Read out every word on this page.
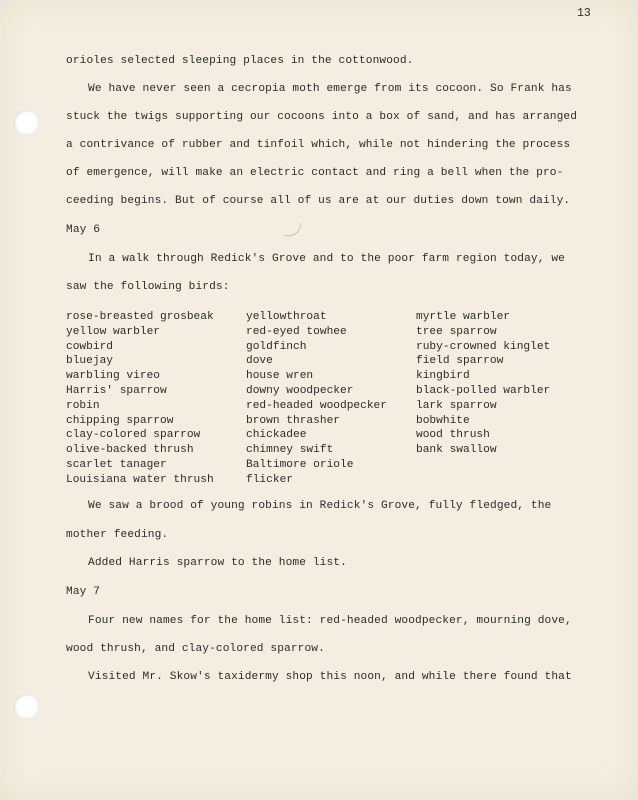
13
orioles selected sleeping places in the cottonwood.
We have never seen a cecropia moth emerge from its cocoon. So Frank has
stuck the twigs supporting our cocoons into a box of sand, and has arranged
a contrivance of rubber and tinfoil which, while not hindering the process
of emergence, will make an electric contact and ring a bell when the pro-
ceeding begins. But of course all of us are at our duties down town daily.
May 6
In a walk through Redick's Grove and to the poor farm region today, we
saw the following birds:
We saw a brood of young robins in Redick's Grove, fully fledged, the
mother feeding.
Added Harris sparrow to the home list.
May 7
Four new names for the home list: red-headed woodpecker, mourning dove,
wood thrush, and clay-colored sparrow.
Visited Mr. Skow's taxidermy shop this noon, and while there found that
rose-breasted grosbeak
yellow warbler
cowbird
bluejay
warbling vireo
Harris' sparrow
robin
chipping sparrow
clay-colored sparrow
olive-backed thrush
scarlet tanager
Louisiana water thrush
yellowthroat
red-eyed towhee
goldfinch
dove
house wren
downy woodpecker
red-headed woodpecker
brown thrasher
chickadee
chimney swift
Baltimore oriole
flicker
myrtle warbler
tree sparrow
ruby-crowned kinglet
field sparrow
kingbird
black-polled warbler
lark sparrow
bobwhite
wood thrush
bank swallow
